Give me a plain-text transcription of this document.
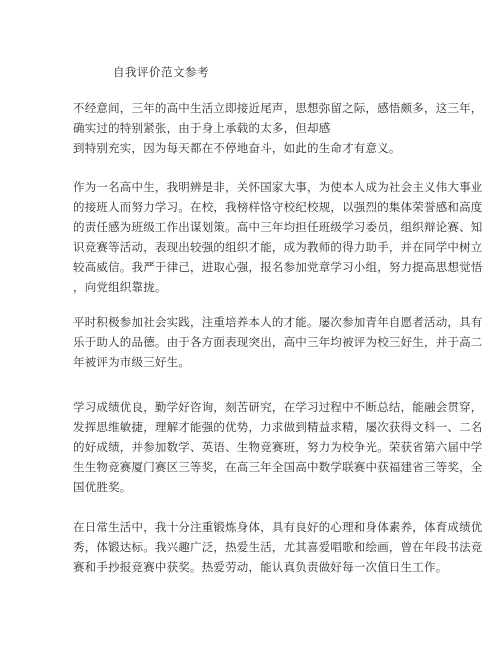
自我评价范文参考
不经意间，三年的高中生活立即接近尾声，思想弥留之际，感悟颇多，这三年，
确实过的特别紧张，由于身上承载的太多，但却感
到特别充实，因为每天都在不停地奋斗，如此的生命才有意义。
作为一名高中生，我明辨是非，关怀国家大事，为使本人成为社会主义伟大事业
的接班人而努力学习。在校，我榜样恪守校纪校规，以强烈的集体荣誉感和高度
的责任感为班级工作出谋划策。高中三年均担任班级学习委员，组织辩论赛、知
识竞赛等活动，表现出较强的组织才能，成为教师的得力助手，并在同学中树立
较高威信。我严于律己，进取心强，报名参加党章学习小组，努力提高思想觉悟
，向党组织靠拢。
平时积极参加社会实践，注重培养本人的才能。屡次参加青年自愿者活动，具有
乐于助人的品德。由于各方面表现突出，高中三年均被评为校三好生，并于高二
年被评为市级三好生。
学习成绩优良，勤学好咨询，刻苦研究，在学习过程中不断总结，能融会贯穿，
发挥思维敏捷，理解才能强的优势，力求做到精益求精，屡次获得文科一、二名
的好成绩，并参加数学、英语、生物竞赛班，努力为校争光。荣获省第六届中学
生生物竞赛厦门赛区三等奖，在高三年全国高中数学联赛中获福建省三等奖，全
国优胜奖。
在日常生活中，我十分注重锻炼身体，具有良好的心理和身体素养，体育成绩优
秀，体锻达标。我兴趣广泛，热爱生活，尤其喜爱唱歌和绘画，曾在年段书法竞
赛和手抄报竞赛中获奖。热爱劳动，能认真负责做好每一次值日生工作。
